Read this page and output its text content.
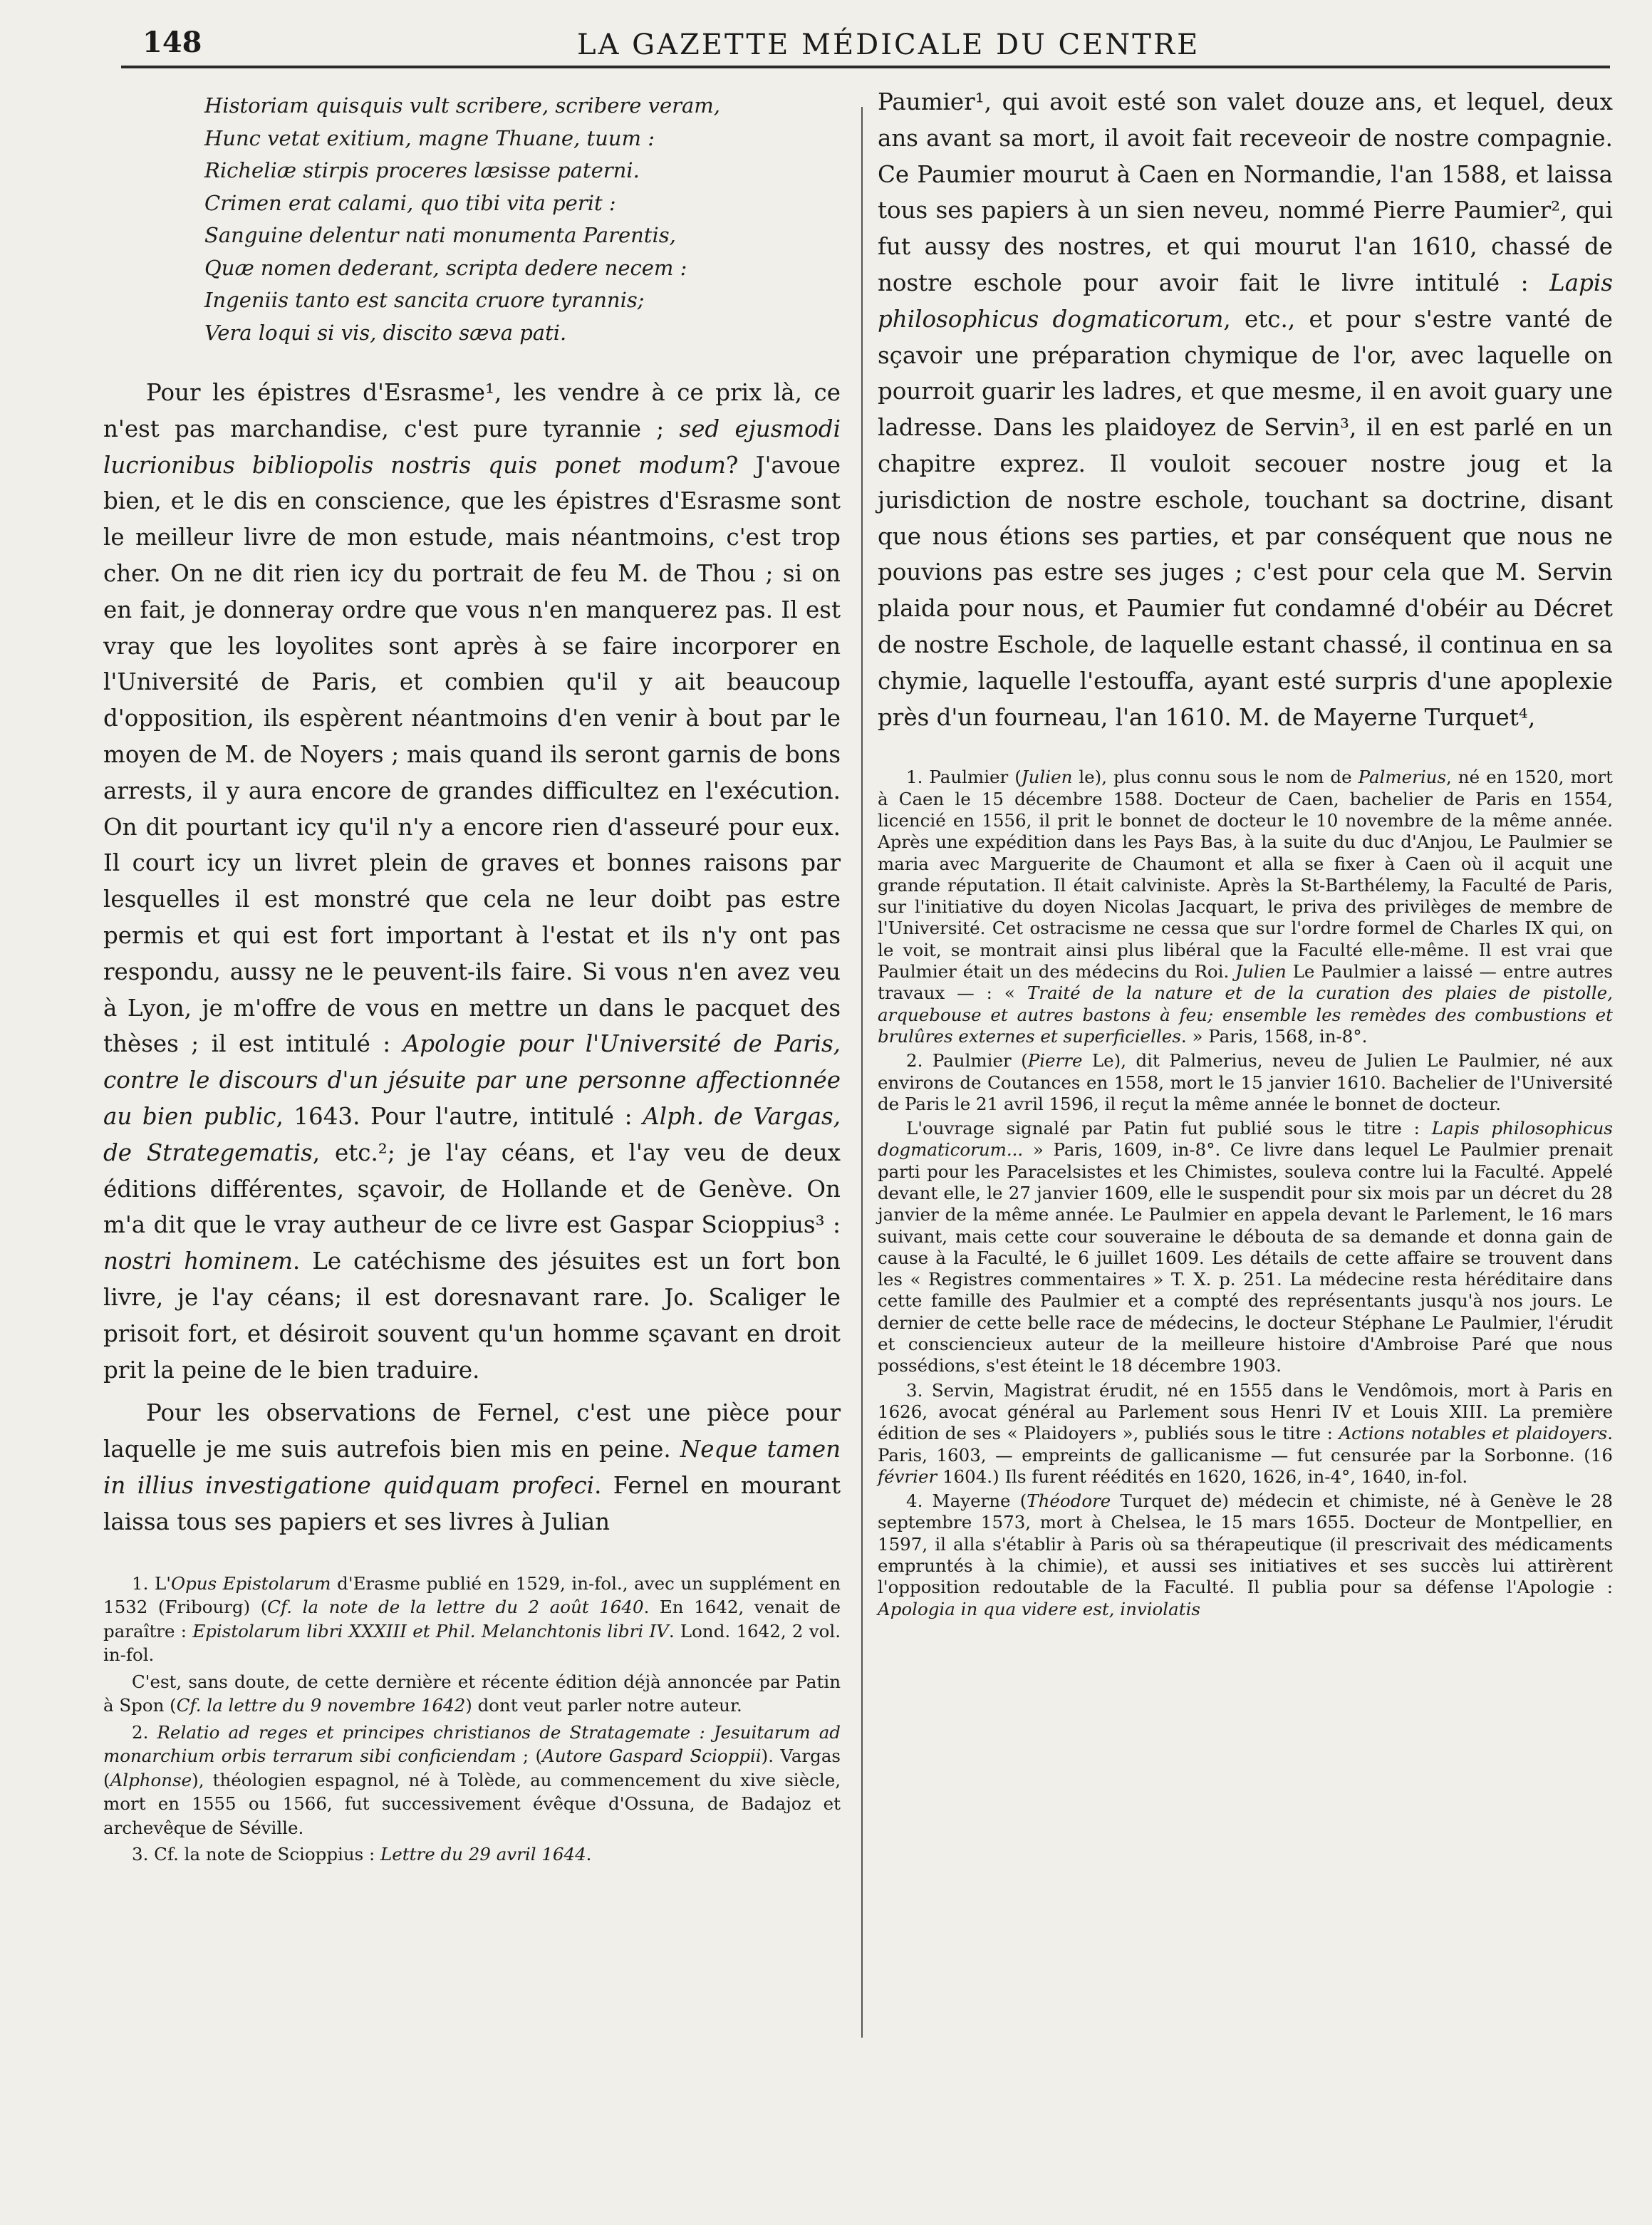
148	LA GAZETTE MÉDICALE DU CENTRE
Historiam quisquis vult scribere, scribere veram,
Hunc vetat exitium, magne Thuane, tuum :
Richeliæ stirpis proceres læsisse paterni.
Crimen erat calami, quo tibi vita perit :
Sanguine delentur nati monumenta Parentis,
Quæ nomen dederant, scripta dedere necem :
Ingeniis tanto est sancita cruore tyrannis;
Vera loqui si vis, discito sæva pati.

Pour les épistres d'Esrasme¹, les vendre à ce prix là, ce n'est pas marchandise, c'est pure tyrannie ; sed ejusmodi lucrionibus bibliopolis nostris quis ponet modum? J'avoue bien, et le dis en conscience, que les épistres d'Esrasme sont le meilleur livre de mon estude, mais néantmoins, c'est trop cher. On ne dit rien icy du portrait de feu M. de Thou ; si on en fait, je donneray ordre que vous n'en manquerez pas. Il est vray que les loyolites sont après à se faire incorporer en l'Université de Paris, et combien qu'il y ait beaucoup d'opposition, ils espèrent néantmoins d'en venir à bout par le moyen de M. de Noyers ; mais quand ils seront garnis de bons arrests, il y aura encore de grandes difficultez en l'exécution. On dit pourtant icy qu'il n'y a encore rien d'asseuré pour eux. Il court icy un livret plein de graves et bonnes raisons par lesquelles il est monstré que cela ne leur doibt pas estre permis et qui est fort important à l'estat et ils n'y ont pas respondu, aussy ne le peuvent-ils faire. Si vous n'en avez veu à Lyon, je m'offre de vous en mettre un dans le pacquet des thèses ; il est intitulé : Apologie pour l'Université de Paris, contre le discours d'un jésuite par une personne affectionnée au bien public, 1643. Pour l'autre, intitulé : Alph. de Vargas, de Strategematis, etc.²; je l'ay céans, et l'ay veu de deux éditions différentes, sçavoir, de Hollande et de Genève. On m'a dit que le vray autheur de ce livre est Gaspar Scioppius³ : nostri hominem. Le catéchisme des jésuites est un fort bon livre, je l'ay céans; il est doresnavant rare. Jo. Scaliger le prisoit fort, et désiroit souvent qu'un homme sçavant en droit prit la peine de le bien traduire.

Pour les observations de Fernel, c'est une pièce pour laquelle je me suis autrefois bien mis en peine. Neque tamen in illius investigatione quidquam profeci. Fernel en mourant laissa tous ses papiers et ses livres à Julian

1. L'Opus Epistolarum d'Erasme publié en 1529, in-fol., avec un supplément en 1532 (Fribourg) (Cf. la note de la lettre du 2 août 1640. En 1642, venait de paraître : Epistolarum libri XXXIII et Phil. Melanchtonis libri IV. Lond. 1642, 2 vol. in-fol.

C'est, sans doute, de cette dernière et récente édition déjà annoncée par Patin à Spon (Cf. la lettre du 9 novembre 1642) dont veut parler notre auteur.

2. Relatio ad reges et principes christianos de Stratagemate : Jesuitarum ad monarchium orbis terrarum sibi conficiendam ; (Autore Gaspard Scioppii). Vargas (Alphonse), théologien espagnol, né à Tolède, au commencement du xive siècle, mort en 1555 ou 1566, fut successivement évêque d'Ossuna, de Badajoz et archevêque de Séville.

3. Cf. la note de Scioppius : Lettre du 29 avril 1644.

Paumier¹, qui avoit esté son valet douze ans, et lequel, deux ans avant sa mort, il avoit fait receveoir de nostre compagnie. Ce Paumier mourut à Caen en Normandie, l'an 1588, et laissa tous ses papiers à un sien neveu, nommé Pierre Paumier², qui fut aussy des nostres, et qui mourut l'an 1610, chassé de nostre eschole pour avoir fait le livre intitulé : Lapis philosophicus dogmaticorum, etc., et pour s'estre vanté de sçavoir une préparation chymique de l'or, avec laquelle on pourroit guarir les ladres, et que mesme, il en avoit guary une ladresse. Dans les plaidoyez de Servin³, il en est parlé en un chapitre exprez. Il vouloit secouer nostre joug et la jurisdiction de nostre eschole, touchant sa doctrine, disant que nous étions ses parties, et par conséquent que nous ne pouvions pas estre ses juges ; c'est pour cela que M. Servin plaida pour nous, et Paumier fut condamné d'obéir au Décret de nostre Eschole, de laquelle estant chassé, il continua en sa chymie, laquelle l'estouffa, ayant esté surpris d'une apoplexie près d'un fourneau, l'an 1610. M. de Mayerne Turquet⁴,

1. Paulmier (Julien le), plus connu sous le nom de Palmerius, né en 1520, mort à Caen le 15 décembre 1588. Docteur de Caen, bachelier de Paris en 1554, licencié en 1556, il prit le bonnet de docteur le 10 novembre de la même année. Après une expédition dans les Pays Bas, à la suite du duc d'Anjou, Le Paulmier se maria avec Marguerite de Chaumont et alla se fixer à Caen où il acquit une grande réputation. Il était calviniste. Après la St-Barthélemy, la Faculté de Paris, sur l'initiative du doyen Nicolas Jacquart, le priva des privilèges de membre de l'Université. Cet ostracisme ne cessa que sur l'ordre formel de Charles IX qui, on le voit, se montrait ainsi plus libéral que la Faculté elle-même. Il est vrai que Paulmier était un des médecins du Roi. Julien Le Paulmier a laissé — entre autres travaux — : « Traité de la nature et de la curation des plaies de pistolle, arquebouse et autres bastons à feu; ensemble les remèdes des combustions et brulûres externes et superficielles. » Paris, 1568, in-8°.

2. Paulmier (Pierre Le), dit Palmerius, neveu de Julien Le Paulmier, né aux environs de Coutances en 1558, mort le 15 janvier 1610. Bachelier de l'Université de Paris le 21 avril 1596, il reçut la même année le bonnet de docteur.

L'ouvrage signalé par Patin fut publié sous le titre : Lapis philosophicus dogmaticorum... » Paris, 1609, in-8°. Ce livre dans lequel Le Paulmier prenait parti pour les Paracelsistes et les Chimistes, souleva contre lui la Faculté. Appelé devant elle, le 27 janvier 1609, elle le suspendit pour six mois par un décret du 28 janvier de la même année. Le Paulmier en appela devant le Parlement, le 16 mars suivant, mais cette cour souveraine le débouta de sa demande et donna gain de cause à la Faculté, le 6 juillet 1609. Les détails de cette affaire se trouvent dans les « Registres commentaires » T. X. p. 251. La médecine resta héréditaire dans cette famille des Paulmier et a compté des représentants jusqu'à nos jours. Le dernier de cette belle race de médecins, le docteur Stéphane Le Paulmier, l'érudit et consciencieux auteur de la meilleure histoire d'Ambroise Paré que nous possédions, s'est éteint le 18 décembre 1903.

3. Servin, Magistrat érudit, né en 1555 dans le Vendômois, mort à Paris en 1626, avocat général au Parlement sous Henri IV et Louis XIII. La première édition de ses « Plaidoyers », publiés sous le titre : Actions notables et plaidoyers. Paris, 1603, — empreints de gallicanisme — fut censurée par la Sorbonne. (16 février 1604.) Ils furent réédités en 1620, 1626, in-4°, 1640, in-fol.

4. Mayerne (Théodore Turquet de) médecin et chimiste, né à Genève le 28 septembre 1573, mort à Chelsea, le 15 mars 1655. Docteur de Montpellier, en 1597, il alla s'établir à Paris où sa thérapeutique (il prescrivait des médicaments empruntés à la chimie), et aussi ses initiatives et ses succès lui attirèrent l'opposition redoutable de la Faculté. Il publia pour sa défense l'Apologie : Apologia in qua videre est, inviolatis
